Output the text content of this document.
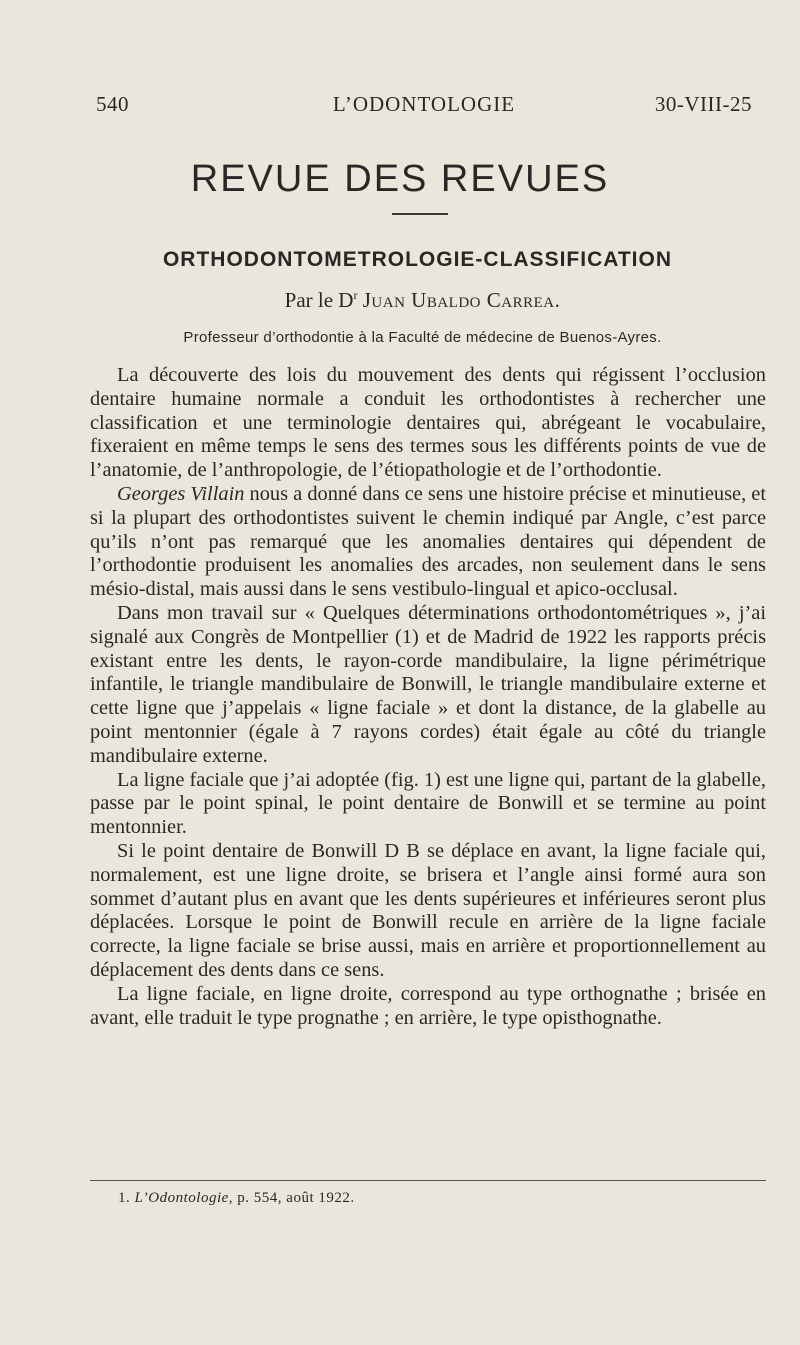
540	L’ODONTOLOGIE	30-VIII-25
REVUE DES REVUES
ORTHODONTOMETROLOGIE-CLASSIFICATION
Par le $D^r$ Juan Ubaldo Carrea.
Professeur d’orthodontie à la Faculté de médecine de Buenos-Ayres.

La découverte des lois du mouvement des dents qui régissent l’occlusion dentaire humaine normale a conduit les orthodontistes à rechercher une classification et une terminologie dentaires qui, abrégeant le vocabulaire, fixeraient en même temps le sens des termes sous les différents points de vue de l’anatomie, de l’anthropologie, de l’étiopathologie et de l’orthodontie.

Georges Villain nous a donné dans ce sens une histoire précise et minutieuse, et si la plupart des orthodontistes suivent le chemin indiqué par Angle, c’est parce qu’ils n’ont pas remarqué que les anomalies dentaires qui dépendent de l’orthodontie produisent les anomalies des arcades, non seulement dans le sens mésio-distal, mais aussi dans le sens vestibulo-lingual et apico-occlusal.

Dans mon travail sur « Quelques déterminations orthodontométriques », j’ai signalé aux Congrès de Montpellier (1) et de Madrid de 1922 les rapports précis existant entre les dents, le rayon-corde mandibulaire, la ligne périmétrique infantile, le triangle mandibulaire de Bonwill, le triangle mandibulaire externe et cette ligne que j’appelais « ligne faciale » et dont la distance, de la glabelle au point mentonnier (égale à 7 rayons cordes) était égale au côté du triangle mandibulaire externe.

La ligne faciale que j’ai adoptée (fig. 1) est une ligne qui, partant de la glabelle, passe par le point spinal, le point dentaire de Bonwill et se termine au point mentonnier.

Si le point dentaire de Bonwill D B se déplace en avant, la ligne faciale qui, normalement, est une ligne droite, se brisera et l’angle ainsi formé aura son sommet d’autant plus en avant que les dents supérieures et inférieures seront plus déplacées. Lorsque le point de Bonwill recule en arrière de la ligne faciale correcte, la ligne faciale se brise aussi, mais en arrière et proportionnellement au déplacement des dents dans ce sens.

La ligne faciale, en ligne droite, correspond au type orthognathe ; brisée en avant, elle traduit le type prognathe ; en arrière, le type opisthognathe.

1. L’Odontologie, p. 554, août 1922.
